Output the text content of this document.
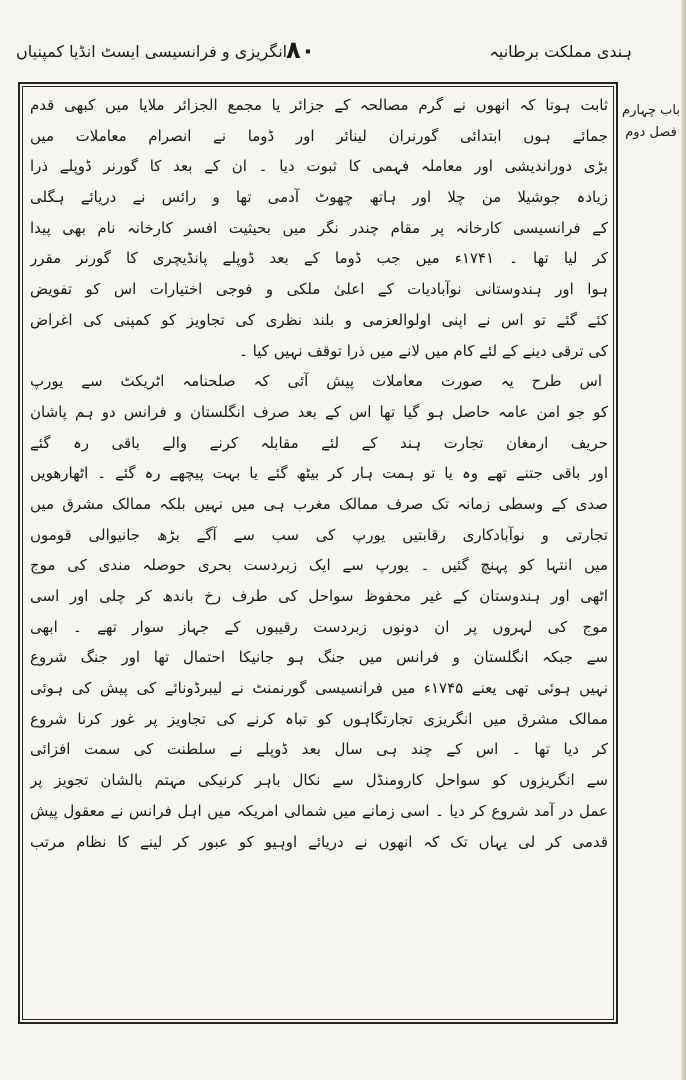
ہندی مملکت برطانیہ
۸۰
انگریزی و فرانسیسی ایسٹ انڈیا کمپنیاں
باب چہارم
فصل دوم
ثابت ہوتا کہ انھوں نے گرم مصالحہ کے جزائر یا مجمع الجزائر ملایا میں کبھی قدم
جمائے ہوں ابتدائی گورنران لینائر اور ڈوما نے انصرام معاملات میں
بڑی دوراندیشی اور معاملہ فہمی کا ثبوت دیا ۔ ان کے بعد کا گورنر ڈوپلے ذرا
زیادہ جوشیلا من چلا اور ہاتھ چھوٹ آدمی تھا و رائس نے دریائے ہگلی
کے فرانسیسی کارخانہ پر مقام چندر نگر میں بحیثیت افسر کارخانہ نام بھی پیدا
کر لیا تھا ۔ ۱۷۴۱ء میں جب ڈوما کے بعد ڈوپلے پانڈیچری کا گورنر مقرر
ہوا اور ہندوستانی نوآبادیات کے اعلیٰ ملکی و فوجی اختیارات اس کو تفویض
کئے گئے تو اس نے اپنی اولوالعزمی و بلند نظری کی تجاویز کو کمپنی کی اغراض
کی ترقی دینے کے لئے کام میں لانے میں ذرا توقف نہیں کیا ۔
اس طرح یہ صورت معاملات پیش آئی کہ صلحنامہ اٹریکٹ سے یورپ
کو جو امن عامہ حاصل ہو گیا تھا اس کے بعد صرف انگلستان و فرانس دو ہم پاشان
حریف ارمغان تجارت ہند کے لئے مقابلہ کرنے والے باقی رہ گئے
اور باقی جتنے تھے وہ یا تو ہمت ہار کر بیٹھ گئے یا بہت پیچھے رہ گئے ۔ اٹھارھویں
صدی کے وسطی زمانہ تک صرف ممالک مغرب ہی میں نہیں بلکہ ممالک مشرق میں
تجارتی و نوآبادکاری رقابتیں یورپ کی سب سے آگے بڑھ جانیوالی قوموں
میں انتہا کو پہنچ گئیں ۔ یورپ سے ایک زبردست بحری حوصلہ مندی کی موج
اٹھی اور ہندوستان کے غیر محفوظ سواحل کی طرف رخ باندھ کر چلی اور اسی
موج کی لہروں پر ان دونوں زبردست رقیبوں کے جہاز سوار تھے ۔ ابھی
سے جبکہ انگلستان و فرانس میں جنگ ہو جانیکا احتمال تھا اور جنگ شروع
نہیں ہوئی تھی یعنے ۱۷۴۵ء میں فرانسیسی گورنمنٹ نے لیبرڈونائے کی پیش کی ہوئی
ممالک مشرق میں انگریزی تجارتگاہوں کو تباہ کرنے کی تجاویز پر غور کرنا شروع
کر دیا تھا ۔ اس کے چند ہی سال بعد ڈوپلے نے سلطنت کی سمت افزائی
سے انگریزوں کو سواحل کارومنڈل سے نکال باہر کرنیکی مہتم بالشان تجویز پر
عمل در آمد شروع کر دیا ۔ اسی زمانے میں شمالی امریکہ میں اہل فرانس نے معقول پیش
قدمی کر لی یہاں تک کہ انھوں نے دریائے اوہیو کو عبور کر لینے کا نظام مرتب
